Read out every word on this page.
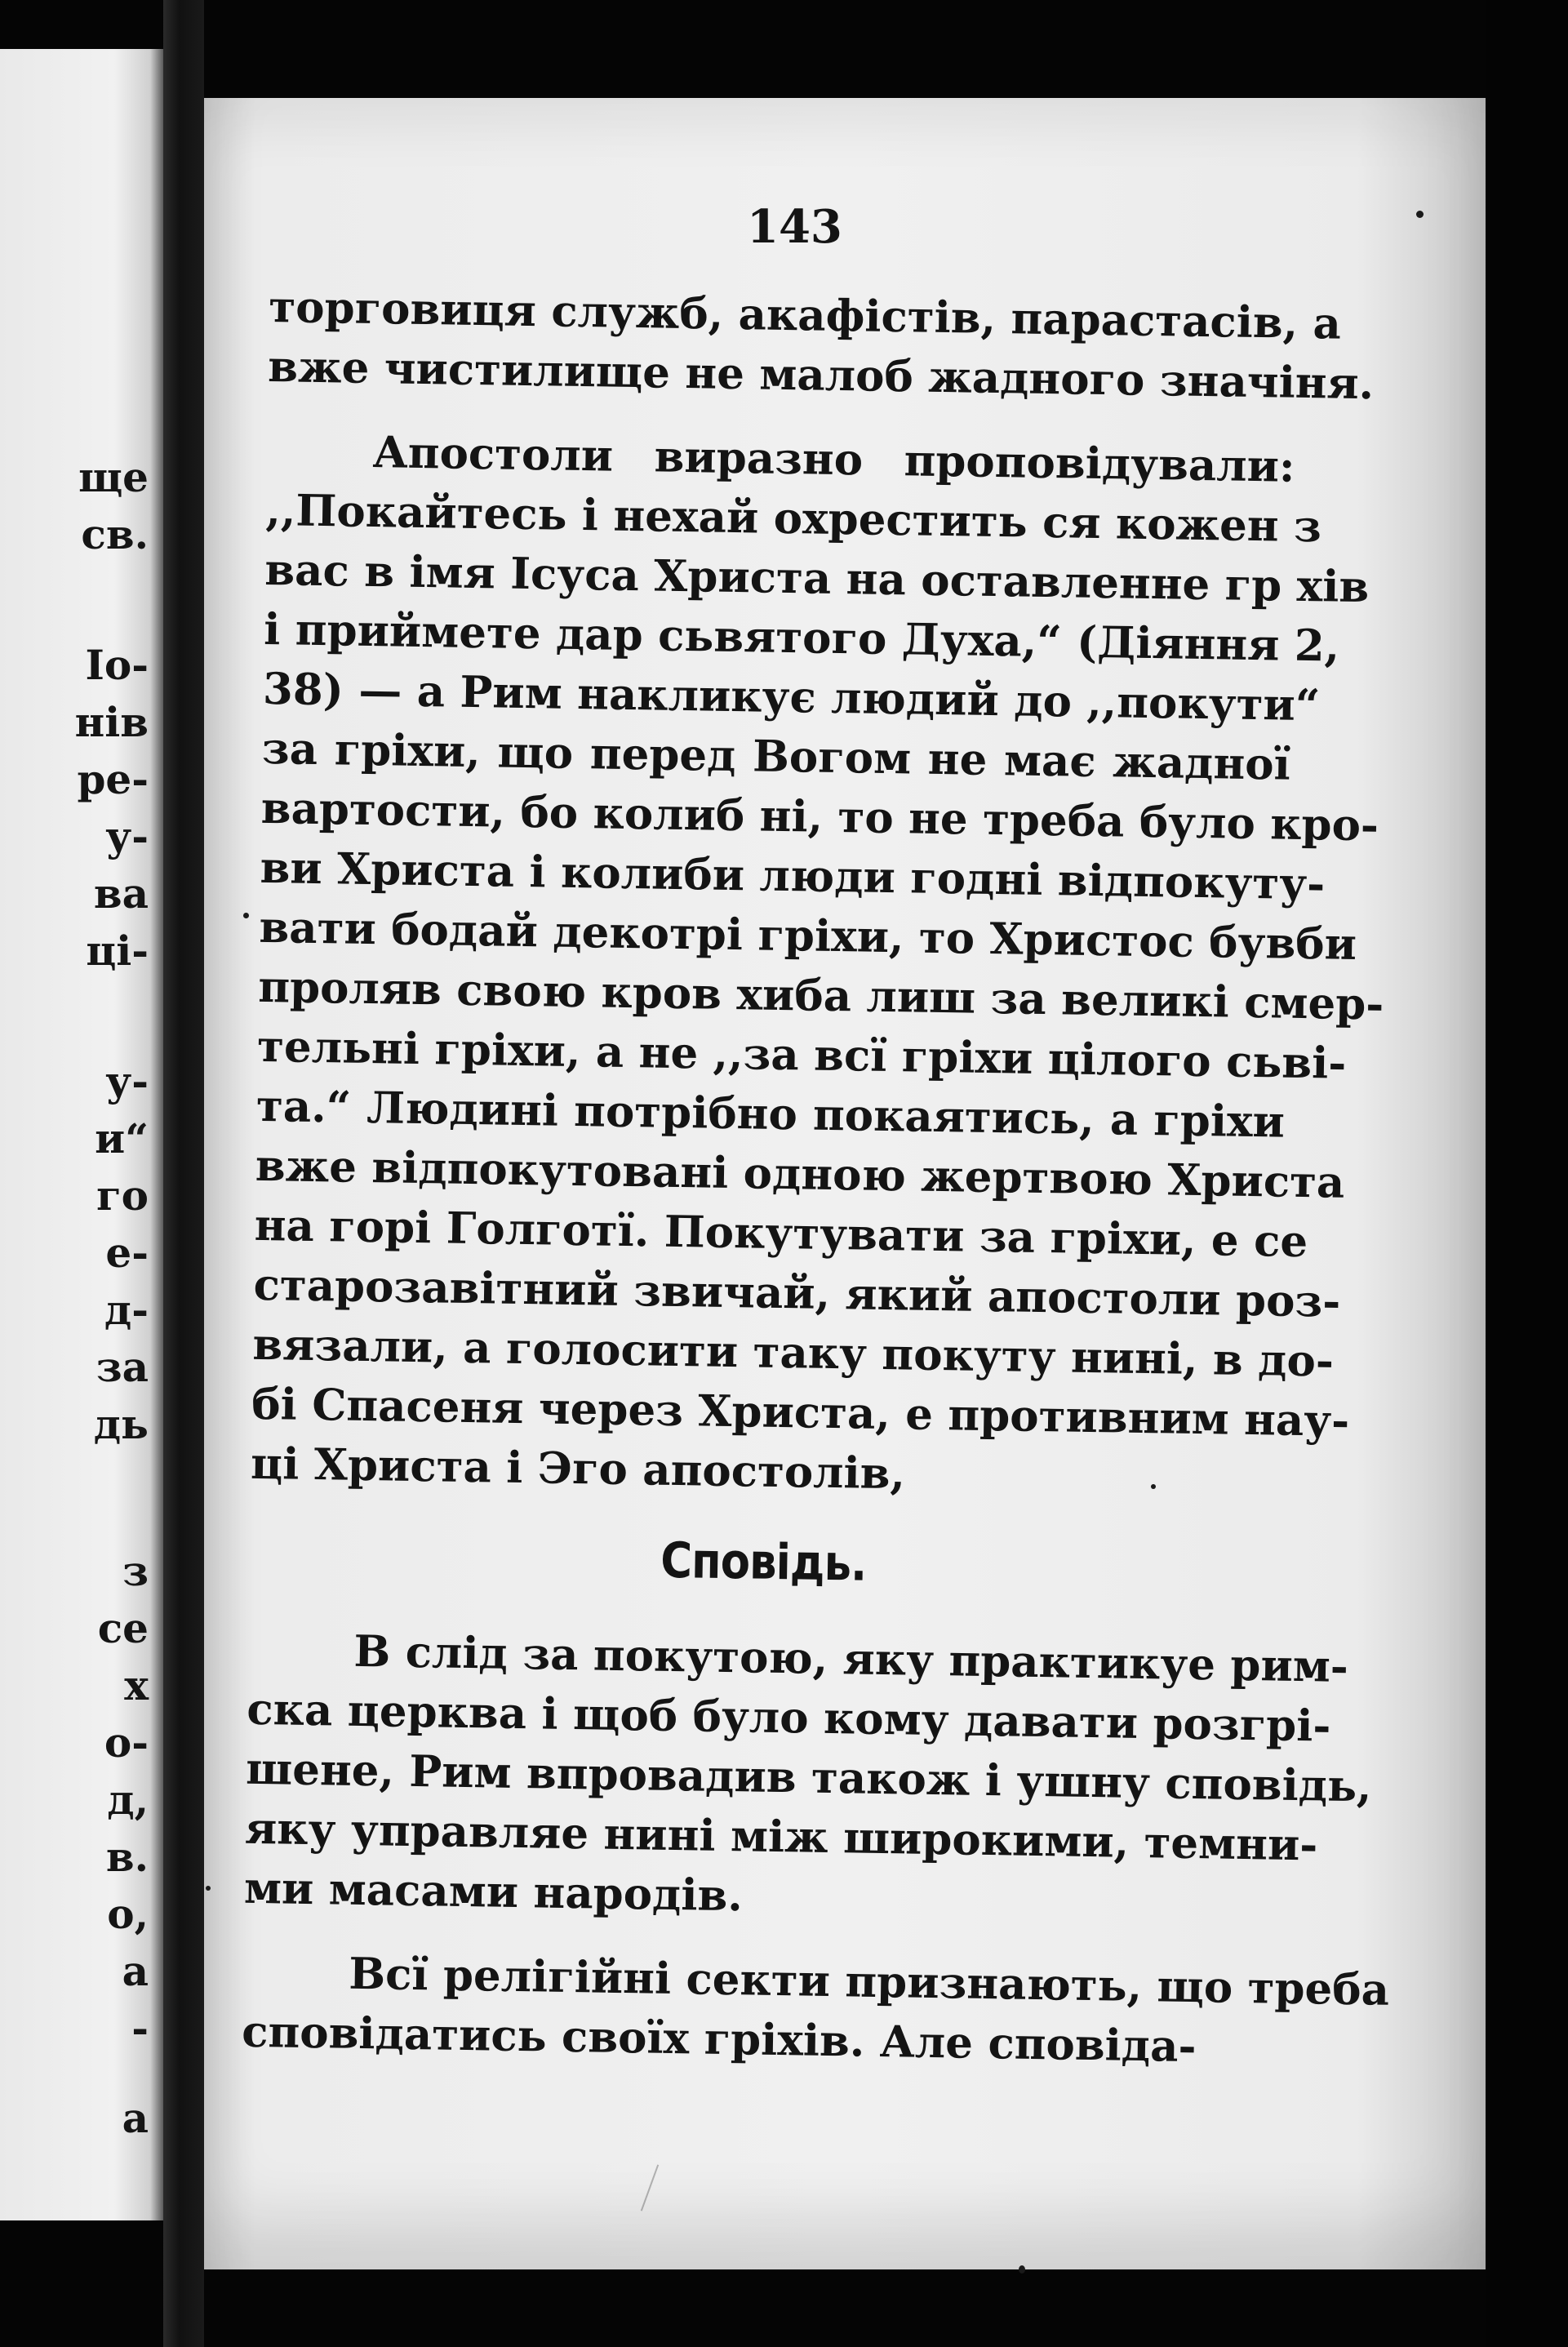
ще
св.
Іо-
нів
ре-
у-
ва
ці-
у-
и“
го
е-
д-
за
дь
з
се
х
о-
д,
в.
о,
а
-
а
143
торговиця служб, акафістів, парастасів, а
вже чистилище не малоб жадного значіня.
Апостоли виразно проповідували:
,,Покайтесь і нехай охрестить ся кожен з
вас в імя Ісуса Христа на оставленне гр хів
і приймете дар сьвятого Духа,“ (Діяння 2,
38) — а Рим накликує людий до ,,покути“
за гріхи, що перед Вогом не має жадної
вартости, бо колиб ні, то не треба було кро-
ви Христа і колиби люди годні відпокуту-
вати бодай декотрі гріхи, то Христос бувби
проляв свою кров хиба лиш за великі смер-
тельні гріхи, а не ,,за всї гріхи цілого сьві-
та.“ Людині потрібно покаятись, а гріхи
вже відпокутовані одною жертвою Христа
на горі Голготї. Покутувати за гріхи, е се
старозавітний звичай, який апостоли роз-
вязали, а голосити таку покуту нині, в до-
бі Спасеня через Христа, е противним нау-
ці Христа і Эго апостолів,
Сповідь.
В слід за покутою, яку практикуе рим-
ска церква і щоб було кому давати розгрі-
шене, Рим впровадив також і ушну сповідь,
яку управляе нині між широкими, темни-
ми масами народів.
Всї релігійні секти признають, що треба
сповідатись своїх гріхів. Але сповіда-
